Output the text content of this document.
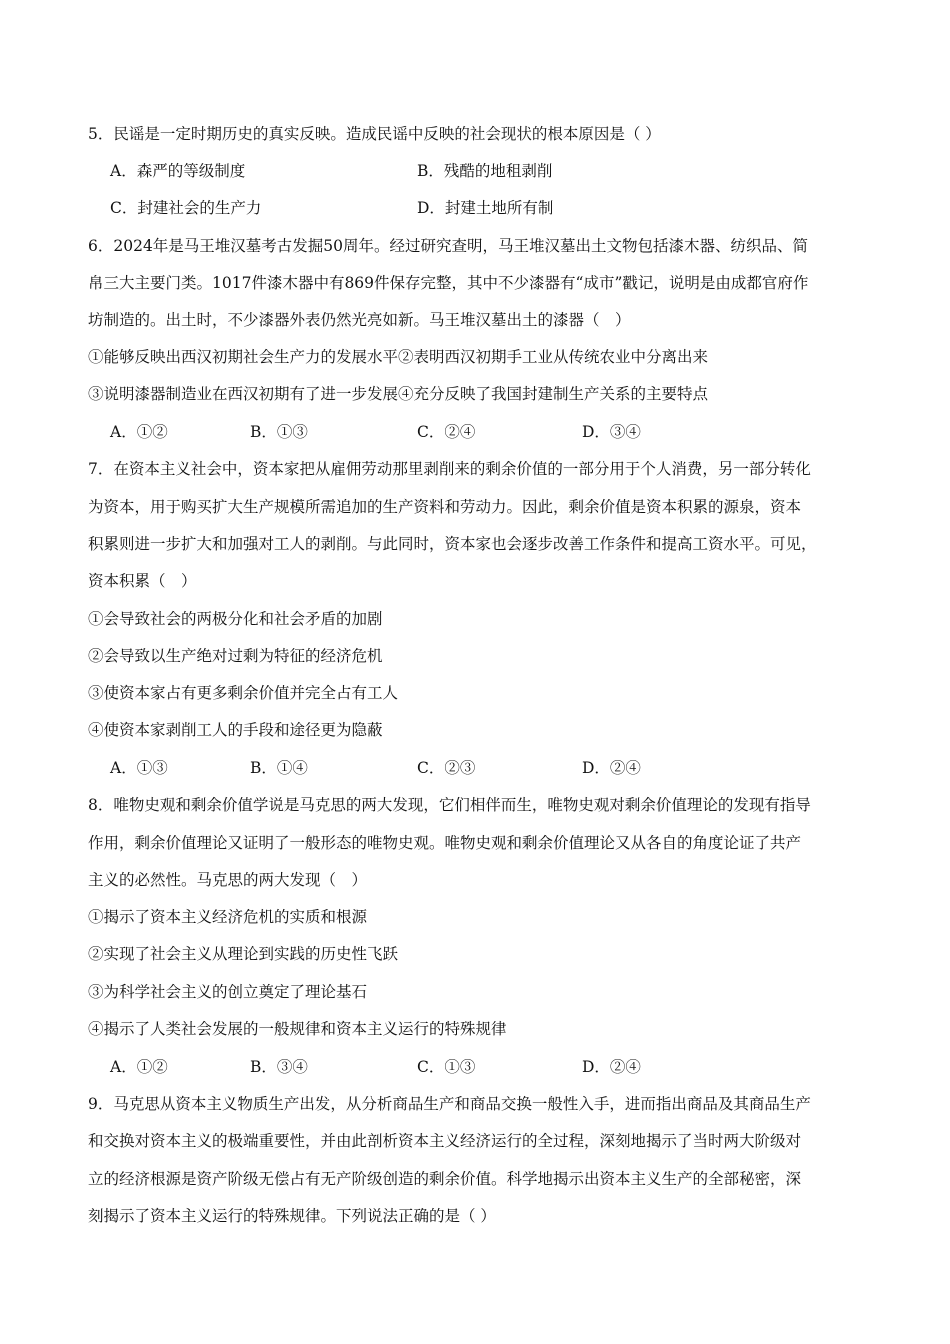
5．民谣是一定时期历史的真实反映。造成民谣中反映的社会现状的根本原因是（ ）
A．森严的等级制度	B．残酷的地租剥削
C．封建社会的生产力	D．封建土地所有制
6．2024年是马王堆汉墓考古发掘50周年。经过研究查明，马王堆汉墓出土文物包括漆木器、纺织品、简
帛三大主要门类。1017件漆木器中有869件保存完整，其中不少漆器有“成市”戳记，说明是由成都官府作
坊制造的。出土时，不少漆器外表仍然光亮如新。马王堆汉墓出土的漆器（　）
①能够反映出西汉初期社会生产力的发展水平②表明西汉初期手工业从传统农业中分离出来
③说明漆器制造业在西汉初期有了进一步发展④充分反映了我国封建制生产关系的主要特点
A．①②	B．①③	C．②④	D．③④
7．在资本主义社会中，资本家把从雇佣劳动那里剥削来的剩余价值的一部分用于个人消费，另一部分转化
为资本，用于购买扩大生产规模所需追加的生产资料和劳动力。因此，剩余价值是资本积累的源泉，资本
积累则进一步扩大和加强对工人的剥削。与此同时，资本家也会逐步改善工作条件和提高工资水平。可见，
资本积累（　）
①会导致社会的两极分化和社会矛盾的加剧
②会导致以生产绝对过剩为特征的经济危机
③使资本家占有更多剩余价值并完全占有工人
④使资本家剥削工人的手段和途径更为隐蔽
A．①③	B．①④	C．②③	D．②④
8．唯物史观和剩余价值学说是马克思的两大发现，它们相伴而生，唯物史观对剩余价值理论的发现有指导
作用，剩余价值理论又证明了一般形态的唯物史观。唯物史观和剩余价值理论又从各自的角度论证了共产
主义的必然性。马克思的两大发现（　）
①揭示了资本主义经济危机的实质和根源
②实现了社会主义从理论到实践的历史性飞跃
③为科学社会主义的创立奠定了理论基石
④揭示了人类社会发展的一般规律和资本主义运行的特殊规律
A．①②	B．③④	C．①③	D．②④
9．马克思从资本主义物质生产出发，从分析商品生产和商品交换一般性入手，进而指出商品及其商品生产
和交换对资本主义的极端重要性，并由此剖析资本主义经济运行的全过程，深刻地揭示了当时两大阶级对
立的经济根源是资产阶级无偿占有无产阶级创造的剩余价值。科学地揭示出资本主义生产的全部秘密，深
刻揭示了资本主义运行的特殊规律。下列说法正确的是（ ）
